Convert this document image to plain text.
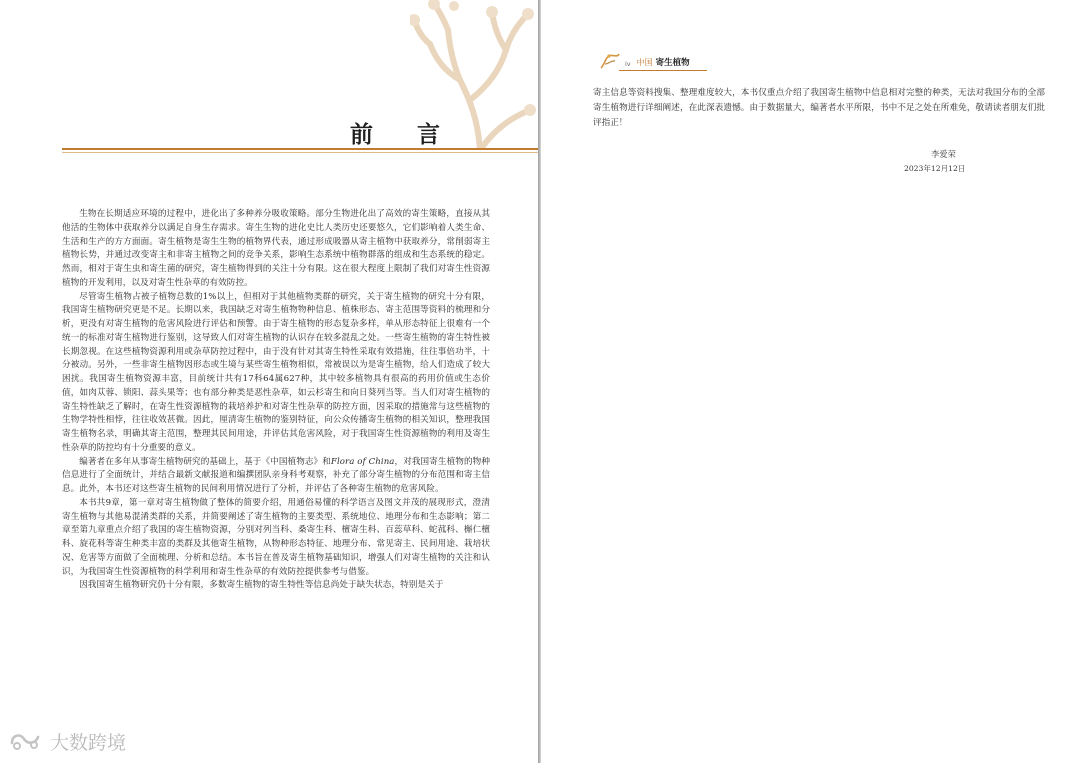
前 言

生物在长期适应环境的过程中，进化出了多种养分吸收策略。部分生物进化出了高效的寄生策略，直接从其他活的生物体中获取养分以满足自身生存需求。寄生生物的进化史比人类历史还要悠久，它们影响着人类生命、生活和生产的方方面面。寄生植物是寄生生物的植物界代表，通过形成吸器从寄主植物中获取养分，常削弱寄主植物长势，并通过改变寄主和非寄主植物之间的竞争关系，影响生态系统中植物群落的组成和生态系统的稳定。然而，相对于寄生虫和寄生菌的研究，寄生植物得到的关注十分有限。这在很大程度上限制了我们对寄生性资源植物的开发利用，以及对寄生性杂草的有效防控。

尽管寄生植物占被子植物总数的1%以上，但相对于其他植物类群的研究，关于寄生植物的研究十分有限，我国寄生植物研究更是不足。长期以来，我国缺乏对寄生植物物种信息、植株形态、寄主范围等资料的梳理和分析，更没有对寄生植物的危害风险进行评估和预警。由于寄生植物的形态复杂多样，单从形态特征上很难有一个统一的标准对寄生植物进行鉴别，这导致人们对寄生植物的认识存在较多混乱之处。一些寄生植物的寄生特性被长期忽视。在这些植物资源利用或杂草防控过程中，由于没有针对其寄生特性采取有效措施，往往事倍功半，十分被动。另外，一些非寄生植物因形态或生境与某些寄生植物相似，常被误以为是寄生植物，给人们造成了较大困扰。我国寄生植物资源丰富，目前统计共有17科64属627种，其中较多植物具有很高的药用价值或生态价值，如肉苁蓉、锁阳、蒜头果等；也有部分种类是恶性杂草，如云杉寄生和向日葵列当等。当人们对寄生植物的寄生特性缺乏了解时，在寄生性资源植物的栽培养护和对寄生性杂草的防控方面，因采取的措施常与这些植物的生物学特性相悖，往往收效甚微。因此，厘清寄生植物的鉴别特征，向公众传播寄生植物的相关知识，整理我国寄生植物名录，明确其寄主范围，整理其民间用途，并评估其危害风险，对于我国寄生性资源植物的利用及寄生性杂草的防控均有十分重要的意义。

编著者在多年从事寄生植物研究的基础上，基于《中国植物志》和Flora of China，对我国寄生植物的物种信息进行了全面统计，并结合最新文献报道和编撰团队亲身科考观察，补充了部分寄生植物的分布范围和寄主信息。此外，本书还对这些寄生植物的民间利用情况进行了分析，并评估了各种寄生植物的危害风险。

本书共9章，第一章对寄生植物做了整体的简要介绍，用通俗易懂的科学语言及图文并茂的展现形式，澄清寄生植物与其他易混淆类群的关系，并简要阐述了寄生植物的主要类型、系统地位、地理分布和生态影响；第二章至第九章重点介绍了我国的寄生植物资源，分别对列当科、桑寄生科、檀寄生科、百蕊草科、蛇菰科、槲仁檀科、旋花科等寄生种类丰富的类群及其他寄生植物，从物种形态特征、地理分布、常见寄主、民间用途、栽培状况、危害等方面做了全面梳理、分析和总结。本书旨在普及寄生植物基础知识，增强人们对寄生植物的关注和认识，为我国寄生性资源植物的科学利用和寄生性杂草的有效防控提供参考与借鉴。

因我国寄生植物研究仍十分有限，多数寄生植物的寄生特性等信息尚处于缺失状态，特别是关于

大数跨境
iv 中国 寄生植物

寄主信息等资料搜集、整理难度较大，本书仅重点介绍了我国寄生植物中信息相对完整的种类，无法对我国分布的全部寄生植物进行详细阐述，在此深表遗憾。由于数据量大，编著者水平所限，书中不足之处在所难免，敬请读者朋友们批评指正！

李爱荣
2023年12月12日
